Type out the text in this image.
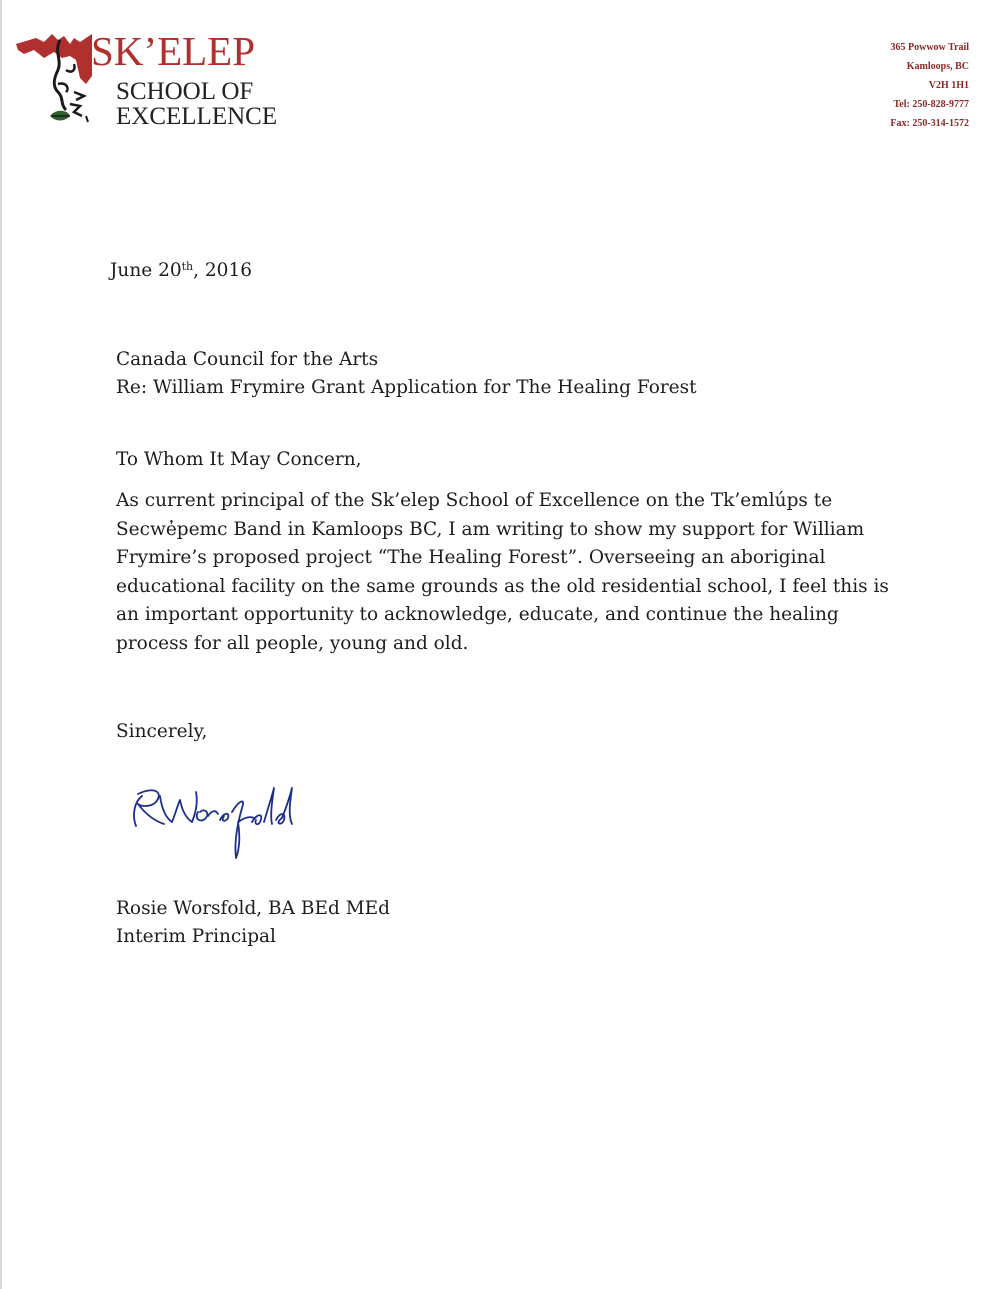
SK’ELEP
SCHOOL OF
EXCELLENCE
365 Powwow Trail
Kamloops, BC
V2H 1H1
Tel: 250-828-9777
Fax: 250-314-1572
June 20th, 2016
Canada Council for the Arts
Re: William Frymire Grant Application for The Healing Forest
To Whom It May Concern,
As current principal of the Sk’elep School of Excellence on the Tk’emlúps te
Secwe̓pemc Band in Kamloops BC, I am writing to show my support for William
Frymire’s proposed project “The Healing Forest”. Overseeing an aboriginal
educational facility on the same grounds as the old residential school, I feel this is
an important opportunity to acknowledge, educate, and continue the healing
process for all people, young and old.
Sincerely,
Rosie Worsfold, BA BEd MEd
Interim Principal
